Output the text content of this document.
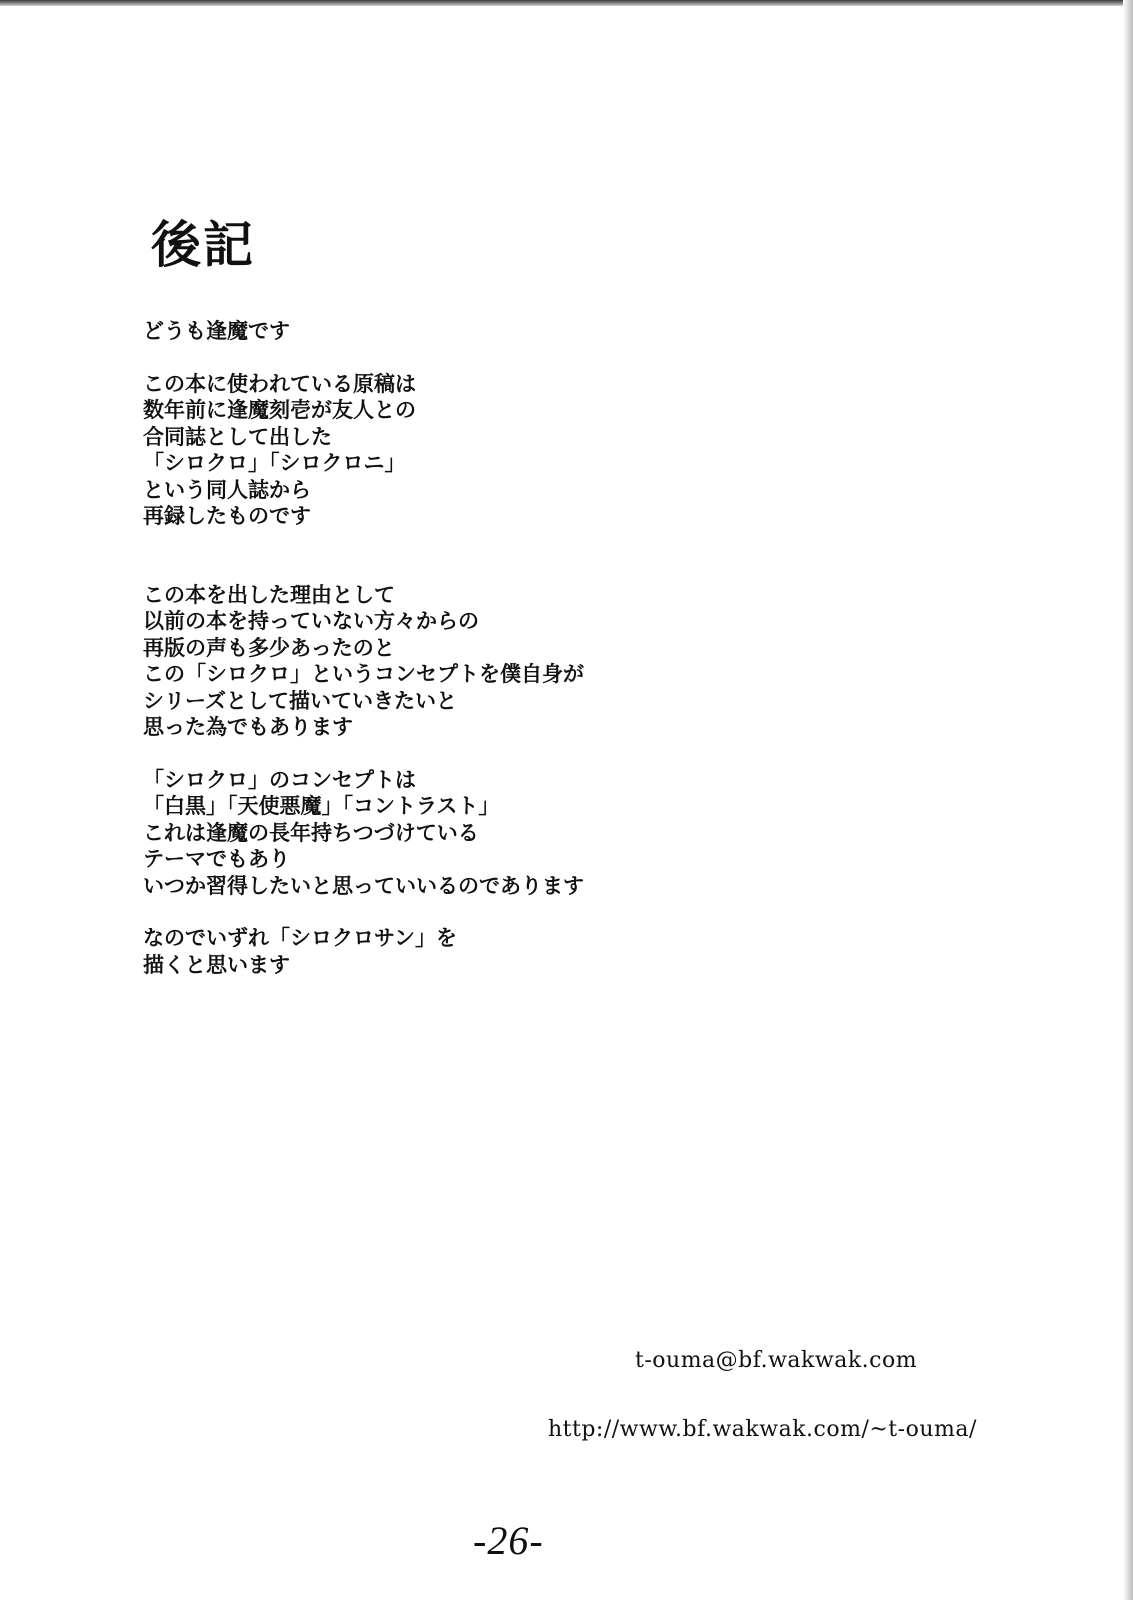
後記
どうも逢魔です
この本に使われている原稿は
数年前に逢魔刻壱が友人との
合同誌として出した
「シロクロ」「シロクロニ」
という同人誌から
再録したものです
この本を出した理由として
以前の本を持っていない方々からの
再版の声も多少あったのと
この「シロクロ」というコンセプトを僕自身が
シリーズとして描いていきたいと
思った為でもあります
「シロクロ」のコンセプトは
「白黒」「天使悪魔」「コントラスト」
これは逢魔の長年持ちつづけている
テーマでもあり
いつか習得したいと思っていいるのであります
なのでいずれ「シロクロサン」を
描くと思います
t-ouma@bf.wakwak.com
http://www.bf.wakwak.com/~t-ouma/
-26-
